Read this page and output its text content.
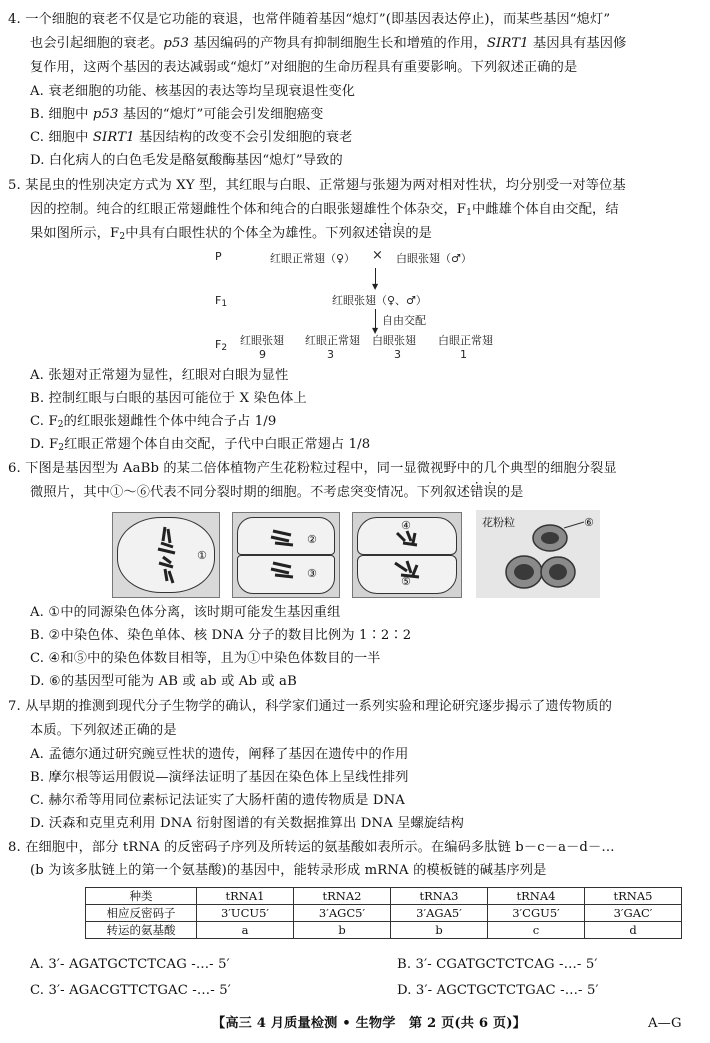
4. 一个细胞的衰老不仅是它功能的衰退，也常伴随着基因“熄灯”(即基因表达停止)，而某些基因“熄灯”
也会引起细胞的衰老。p53 基因编码的产物具有抑制细胞生长和增殖的作用，SIRT1 基因具有基因修
复作用，这两个基因的表达减弱或“熄灯”对细胞的生命历程具有重要影响。下列叙述正确的是
A. 衰老细胞的功能、核基因的表达等均呈现衰退性变化
B. 细胞中 p53 基因的“熄灯”可能会引发细胞癌变
C. 细胞中 SIRT1 基因结构的改变不会引发细胞的衰老
D. 白化病人的白色毛发是酪氨酸酶基因“熄灯”导致的
5. 某昆虫的性别决定方式为 XY 型，其红眼与白眼、正常翅与张翅为两对相对性状，均分别受一对等位基
因的控制。纯合的红眼正常翅雌性个体和纯合的白眼张翅雄性个体杂交，$F_1$中雌雄个体自由交配，结
果如图所示，$F_2$中具有白眼性状的个体全为雄性。下列叙述错误的是
P	红眼正常翅（♀） × 白眼张翅（♂）
▼
$F_1$	红眼张翅（♀、♂）
▼
自由交配
$F_2$
红眼张翅 红眼正常翅 白眼张翅 白眼正常翅
9	3	3	1
A. 张翅对正常翅为显性，红眼对白眼为显性
B. 控制红眼与白眼的基因可能位于 X 染色体上
C. $F_2$的红眼张翅雌性个体中纯合子占 1/9
D. $F_2$红眼正常翅个体自由交配，子代中白眼正常翅占 1/8
6. 下图是基因型为 AaBb 的某二倍体植物产生花粉粒过程中，同一显微视野中的几个典型的细胞分裂显
微照片，其中①～⑥代表不同分裂时期的细胞。不考虑突变情况。下列叙述错误的是
①
②
③
④
⑤
花粉粒	⑥
A. ①中的同源染色体分离，该时期可能发生基因重组
B. ②中染色体、染色单体、核 DNA 分子的数目比例为 1∶2∶2
C. ④和⑤中的染色体数目相等，且为①中染色体数目的一半
D. ⑥的基因型可能为 AB 或 ab 或 Ab 或 aB
7. 从早期的推测到现代分子生物学的确认，科学家们通过一系列实验和理论研究逐步揭示了遗传物质的
本质。下列叙述正确的是
A. 孟德尔通过研究豌豆性状的遗传，阐释了基因在遗传中的作用
B. 摩尔根等运用假说—演绎法证明了基因在染色体上呈线性排列
C. 赫尔希等用同位素标记法证实了大肠杆菌的遗传物质是 DNA
D. 沃森和克里克利用 DNA 衍射图谱的有关数据推算出 DNA 呈螺旋结构
8. 在细胞中，部分 tRNA 的反密码子序列及所转运的氨基酸如表所示。在编码多肽链 b－c－a－d－…
(b 为该多肽链上的第一个氨基酸)的基因中，能转录形成 mRNA 的模板链的碱基序列是
种类	tRNA1	tRNA2	tRNA3	tRNA4	tRNA5
相应反密码子	3′UCU5′	3′AGC5′	3′AGA5′	3′CGU5′	3′GAC′
转运的氨基酸	a	b	b	c	d
A. 3′- AGATGCTCTCAG -…- 5′	B. 3′- CGATGCTCTCAG -…- 5′
C. 3′- AGACGTTCTGAC -…- 5′	D. 3′- AGCTGCTCTGAC -…- 5′
【高三 4 月质量检测 • 生物学　第 2 页(共 6 页)】	A—G
